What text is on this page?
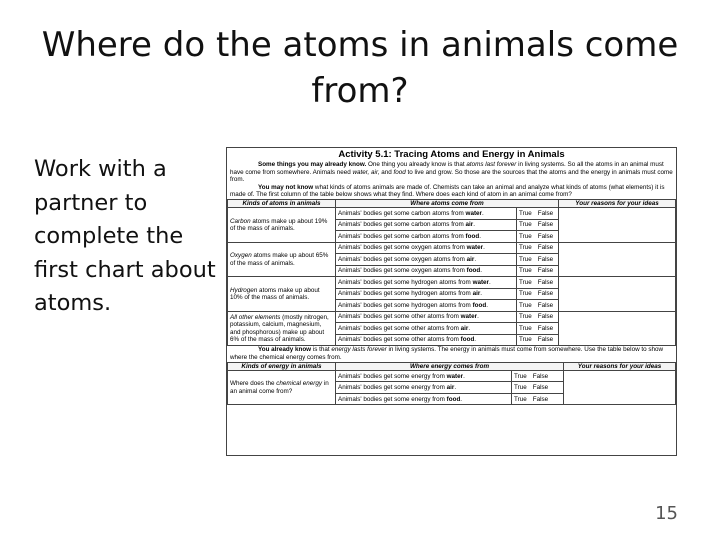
Where do the atoms in animals come from?
Work with a partner to complete the first chart about atoms.
Activity 5.1: Tracing Atoms and Energy in Animals
Some things you may already know. One thing you already know is that atoms last forever in living systems. So all the atoms in an animal must have come from somewhere. Animals need water, air, and food to live and grow. So those are the sources that the atoms and the energy in animals must come from.
You may not know what kinds of atoms animals are made of. Chemists can take an animal and analyze what kinds of atoms (what elements) it is made of. The first column of the table below shows what they find. Where does each kind of atom in an animal come from?
Kinds of atoms in animals	Where atoms come from		Your reasons for your ideas
Carbon atoms make up about 19% of the mass of animals.	Animals' bodies get some carbon atoms from water.	True False	
	Animals' bodies get some carbon atoms from air.	True False	
	Animals' bodies get some carbon atoms from food.	True False	
Oxygen atoms make up about 65% of the mass of animals.	Animals' bodies get some oxygen atoms from water.	True False	
	Animals' bodies get some oxygen atoms from air.	True False	
	Animals' bodies get some oxygen atoms from food.	True False	
Hydrogen atoms make up about 10% of the mass of animals.	Animals' bodies get some hydrogen atoms from water.	True False	
	Animals' bodies get some hydrogen atoms from air.	True False	
	Animals' bodies get some hydrogen atoms from food.	True False	
All other elements (mostly nitrogen, potassium, calcium, magnesium, and phosphorous) make up about 6% of the mass of animals.	Animals' bodies get some other atoms from water.	True False	
	Animals' bodies get some other atoms from air.	True False	
	Animals' bodies get some other atoms from food.	True False	
You already know is that energy lasts forever in living systems. The energy in animals must come from somewhere. Use the table below to show where the chemical energy comes from.
Kinds of energy in animals	Where energy comes from		Your reasons for your ideas
Where does the chemical energy in an animal come from?	Animals' bodies get some energy from water.	True False	
	Animals' bodies get some energy from air.	True False	
	Animals' bodies get some energy from food.	True False	
15
